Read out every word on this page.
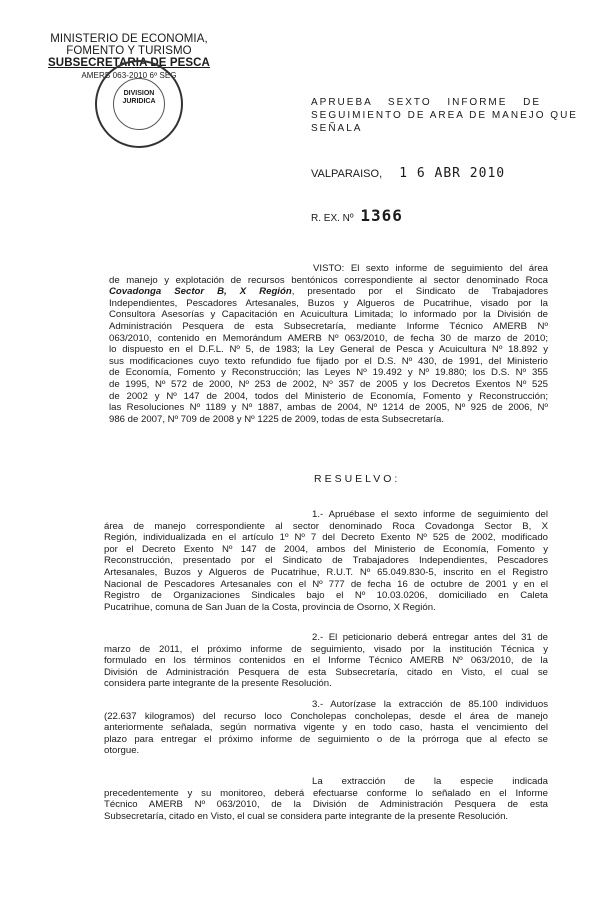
MINISTERIO DE ECONOMIA,
FOMENTO Y TURISMO
SUBSECRETARIA DE PESCA
AMERB 063-2010 6º SEG
DIVISION
JURIDICA	APRUEBA SEXTO INFORME DE
SEGUIMIENTO DE AREA DE MANEJO QUE
SEÑALA
VALPARAISO, 1 6 ABR 2010
R. EX. Nº 1366
VISTO: El sexto informe de seguimiento del área
de manejo y explotación de recursos bentónicos correspondiente al sector denominado Roca
Covadonga Sector B, X Región, presentado por el Sindicato de Trabajadores
Independientes, Pescadores Artesanales, Buzos y Algueros de Pucatrihue, visado por la
Consultora Asesorías y Capacitación en Acuicultura Limitada; lo informado por la División de
Administración Pesquera de esta Subsecretaría, mediante Informe Técnico AMERB Nº
063/2010, contenido en Memorándum AMERB Nº 063/2010, de fecha 30 de marzo de 2010;
lo dispuesto en el D.F.L. Nº 5, de 1983; la Ley General de Pesca y Acuicultura Nº 18.892 y
sus modificaciones cuyo texto refundido fue fijado por el D.S. Nº 430, de 1991, del Ministerio
de Economía, Fomento y Reconstrucción; las Leyes Nº 19.492 y Nº 19.880; los D.S. Nº 355
de 1995, Nº 572 de 2000, Nº 253 de 2002, Nº 357 de 2005 y los Decretos Exentos Nº 525
de 2002 y Nº 147 de 2004, todos del Ministerio de Economía, Fomento y Reconstrucción;
las Resoluciones Nº 1189 y Nº 1887, ambas de 2004, Nº 1214 de 2005, Nº 925 de 2006, Nº
986 de 2007, Nº 709 de 2008 y Nº 1225 de 2009, todas de esta Subsecretaría.
RESUELVO:
1.- Apruébase el sexto informe de seguimiento del
área de manejo correspondiente al sector denominado Roca Covadonga Sector B, X
Región, individualizada en el artículo 1º Nº 7 del Decreto Exento Nº 525 de 2002, modificado
por el Decreto Exento Nº 147 de 2004, ambos del Ministerio de Economía, Fomento y
Reconstrucción, presentado por el Sindicato de Trabajadores Independientes, Pescadores
Artesanales, Buzos y Algueros de Pucatrihue, R.U.T. Nº 65.049.830-5, inscrito en el Registro
Nacional de Pescadores Artesanales con el Nº 777 de fecha 16 de octubre de 2001 y en el
Registro de Organizaciones Sindicales bajo el Nº 10.03.0206, domiciliado en Caleta
Pucatrihue, comuna de San Juan de la Costa, provincia de Osorno, X Región.
2.- El peticionario deberá entregar antes del 31 de
marzo de 2011, el próximo informe de seguimiento, visado por la institución Técnica y
formulado en los términos contenidos en el Informe Técnico AMERB Nº 063/2010, de la
División de Administración Pesquera de esta Subsecretaría, citado en Visto, el cual se
considera parte integrante de la presente Resolución.
3.- Autorízase la extracción de 85.100 individuos
(22.637 kilogramos) del recurso loco Concholepas concholepas, desde el área de manejo
anteriormente señalada, según normativa vigente y en todo caso, hasta el vencimiento del
plazo para entregar el próximo informe de seguimiento o de la prórroga que al efecto se
otorgue.
La extracción de la especie indicada
precedentemente y su monitoreo, deberá efectuarse conforme lo señalado en el Informe
Técnico AMERB Nº 063/2010, de la División de Administración Pesquera de esta
Subsecretaría, citado en Visto, el cual se considera parte integrante de la presente Resolución.
